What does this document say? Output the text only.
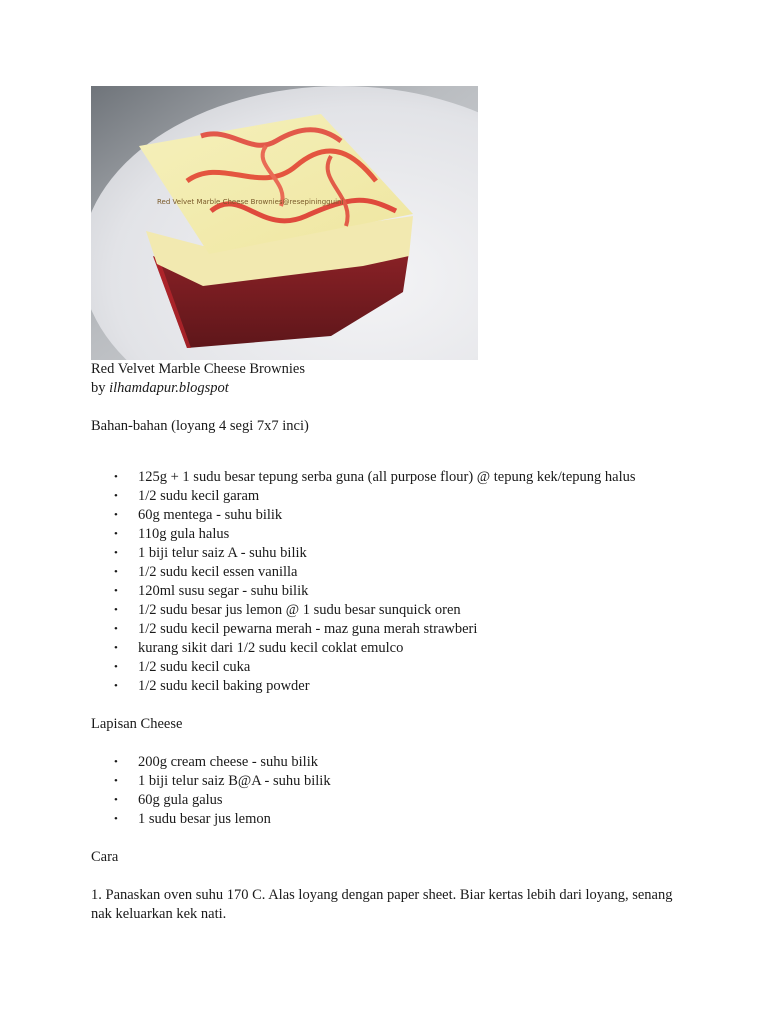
Red Velvet Marble Cheese Brownies@resepiningguini

Red Velvet Marble Cheese Brownies

by ilhamdapur.blogspot

Bahan-bahan (loyang 4 segi 7x7 inci)

• 125g + 1 sudu besar tepung serba guna (all purpose flour) @ tepung kek/tepung halus
• 1/2 sudu kecil garam
• 60g mentega - suhu bilik
• 110g gula halus
• 1 biji telur saiz A - suhu bilik
• 1/2 sudu kecil essen vanilla
• 120ml susu segar - suhu bilik
• 1/2 sudu besar jus lemon @ 1 sudu besar sunquick oren
• 1/2 sudu kecil pewarna merah - maz guna merah strawberi
• kurang sikit dari 1/2 sudu kecil coklat emulco
• 1/2 sudu kecil cuka
• 1/2 sudu kecil baking powder

Lapisan Cheese

• 200g cream cheese - suhu bilik
• 1 biji telur saiz B@A - suhu bilik
• 60g gula galus
• 1 sudu besar jus lemon

Cara

1. Panaskan oven suhu 170 C. Alas loyang dengan paper sheet. Biar kertas lebih dari loyang, senang nak keluarkan kek nati.
